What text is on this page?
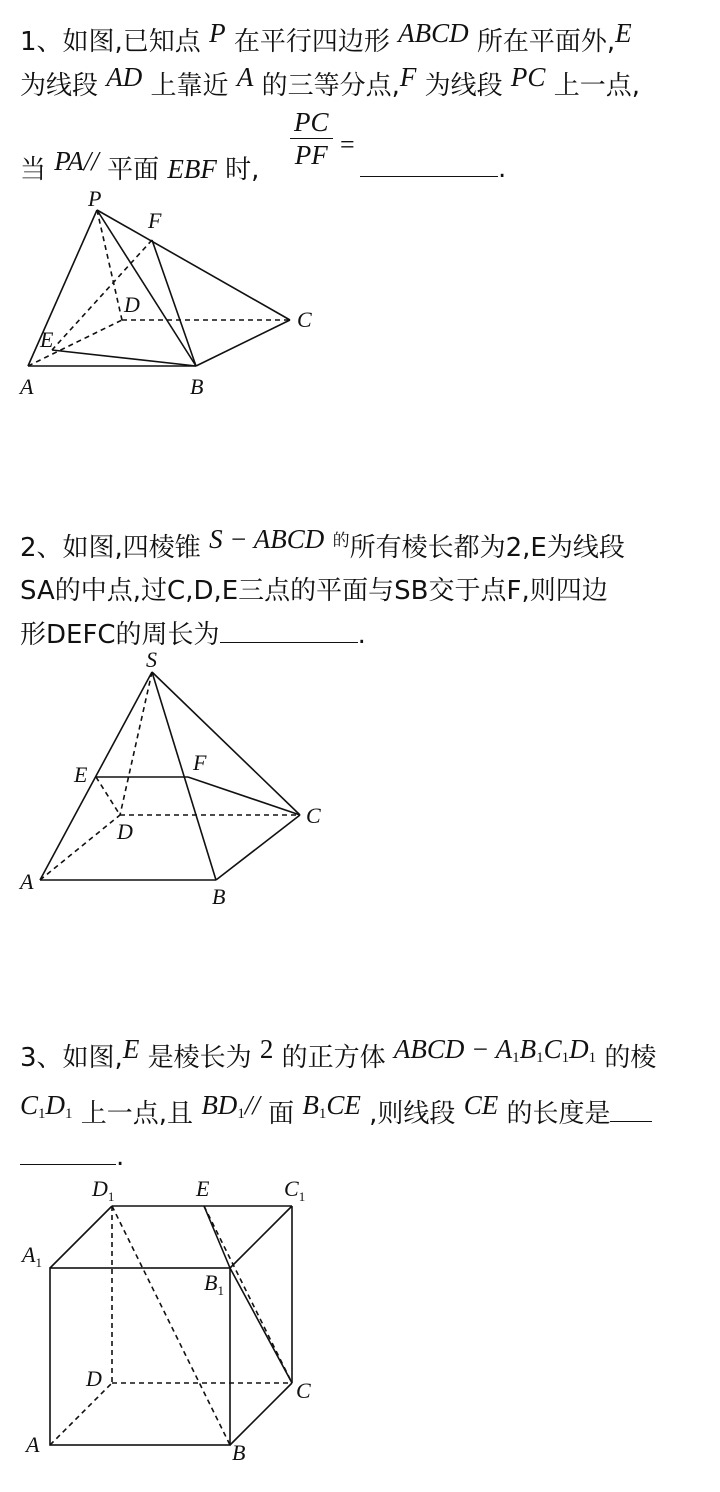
1、如图,已知点 P 在平行四边形 ABCD 所在平面外,E
为线段 AD 上靠近 A 的三等分点,F 为线段 PC 上一点,
当 PA// 平面 EBF 时, $\frac{PC}{PF}$ =
.
2、如图,四棱锥 S − ABCD $^的$所有棱长都为2,E为线段
SA的中点,过C,D,E三点的平面与SB交于点F,则四边
形DEFC的周长为	.
3、如图,E 是棱长为 2 的正方体 ABCD − $A_1B_1C_1D_1$ 的棱
$C_1D_1$ 上一点,且 $BD_1//$ 面 $B_1CE$ ,则线段 CE 的长度是
.
P
F
D
C
E
A	B
S
E	F
D
C
A
B
$D_1$	E	$C_1$
$A_1$
$B_1$
D	C
A	B
